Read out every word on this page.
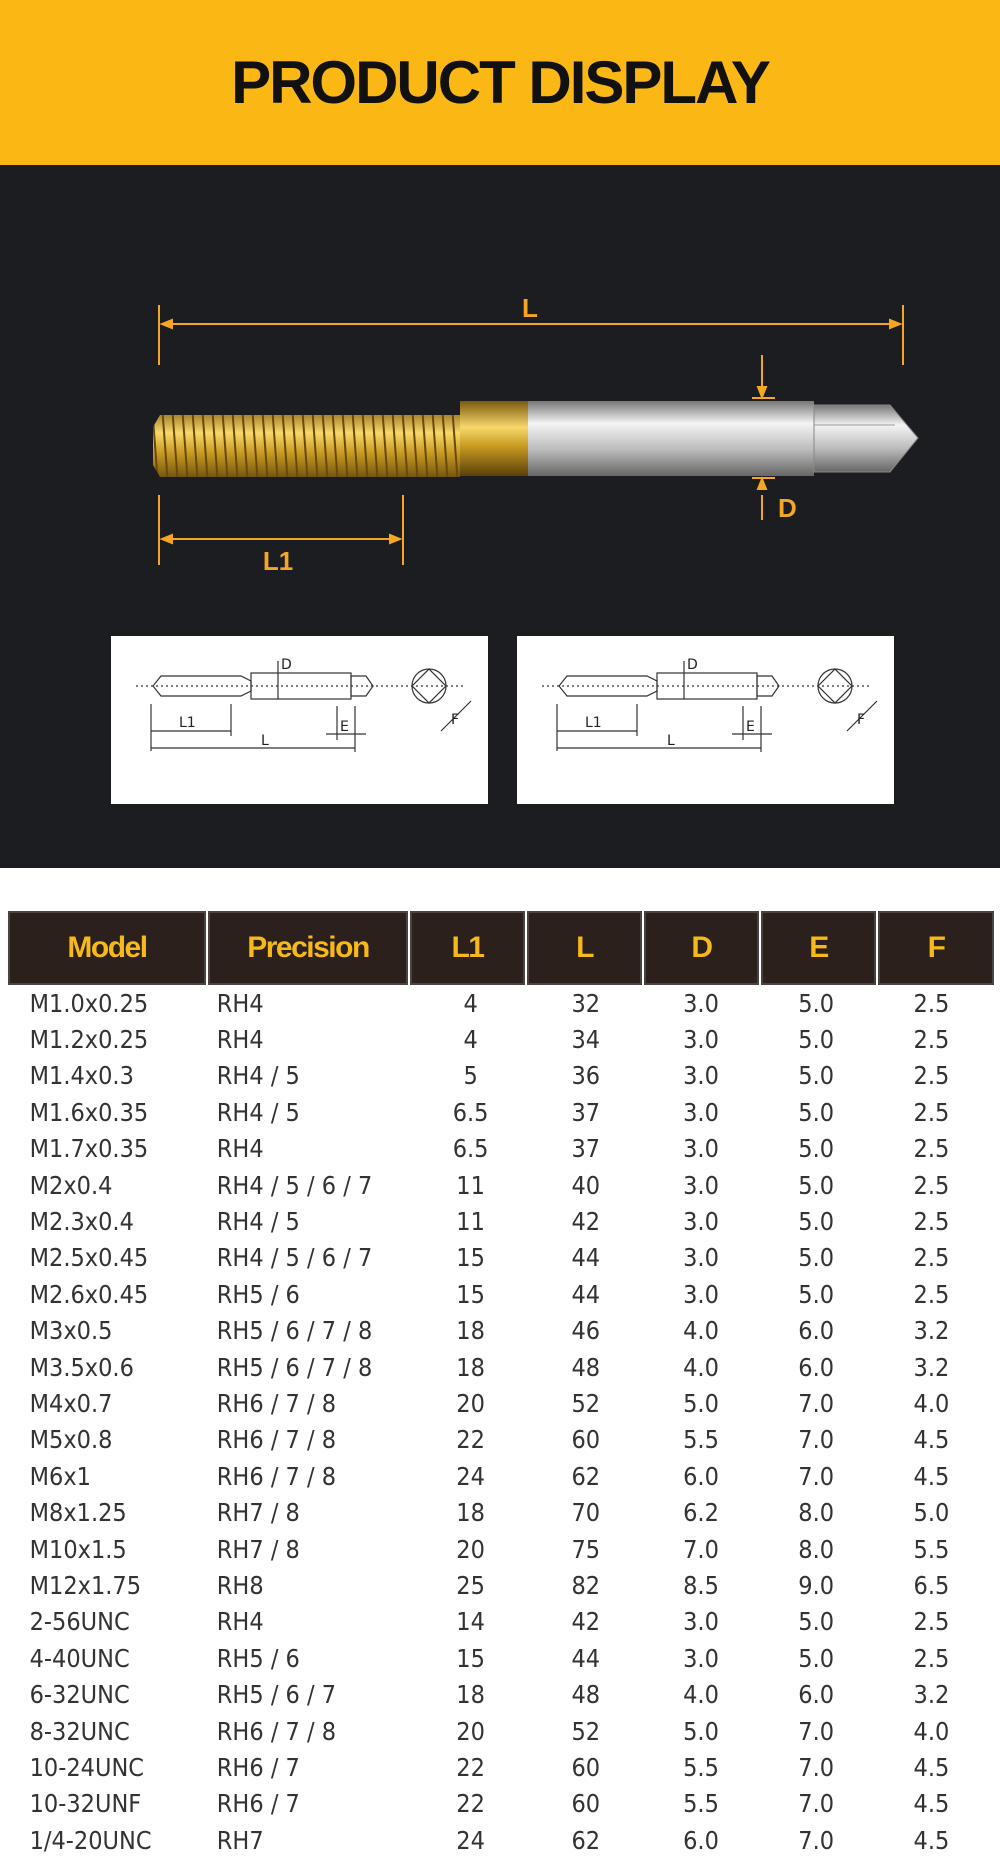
PRODUCT DISPLAY
L
L1
D
D
L1
L
E	F
D
L1
L
E	F
Model	Precision	L1	L	D	E	F
M1.0x0.25	RH4	4	32	3.0	5.0	2.5
M1.2x0.25	RH4	4	34	3.0	5.0	2.5
M1.4x0.3	RH4 / 5	5	36	3.0	5.0	2.5
M1.6x0.35	RH4 / 5	6.5	37	3.0	5.0	2.5
M1.7x0.35	RH4	6.5	37	3.0	5.0	2.5
M2x0.4	RH4 / 5 / 6 / 7	11	40	3.0	5.0	2.5
M2.3x0.4	RH4 / 5	11	42	3.0	5.0	2.5
M2.5x0.45	RH4 / 5 / 6 / 7	15	44	3.0	5.0	2.5
M2.6x0.45	RH5 / 6	15	44	3.0	5.0	2.5
M3x0.5	RH5 / 6 / 7 / 8	18	46	4.0	6.0	3.2
M3.5x0.6	RH5 / 6 / 7 / 8	18	48	4.0	6.0	3.2
M4x0.7	RH6 / 7 / 8	20	52	5.0	7.0	4.0
M5x0.8	RH6 / 7 / 8	22	60	5.5	7.0	4.5
M6x1	RH6 / 7 / 8	24	62	6.0	7.0	4.5
M8x1.25	RH7 / 8	18	70	6.2	8.0	5.0
M10x1.5	RH7 / 8	20	75	7.0	8.0	5.5
M12x1.75	RH8	25	82	8.5	9.0	6.5
2-56UNC	RH4	14	42	3.0	5.0	2.5
4-40UNC	RH5 / 6	15	44	3.0	5.0	2.5
6-32UNC	RH5 / 6 / 7	18	48	4.0	6.0	3.2
8-32UNC	RH6 / 7 / 8	20	52	5.0	7.0	4.0
10-24UNC	RH6 / 7	22	60	5.5	7.0	4.5
10-32UNF	RH6 / 7	22	60	5.5	7.0	4.5
1/4-20UNC	RH7	24	62	6.0	7.0	4.5
